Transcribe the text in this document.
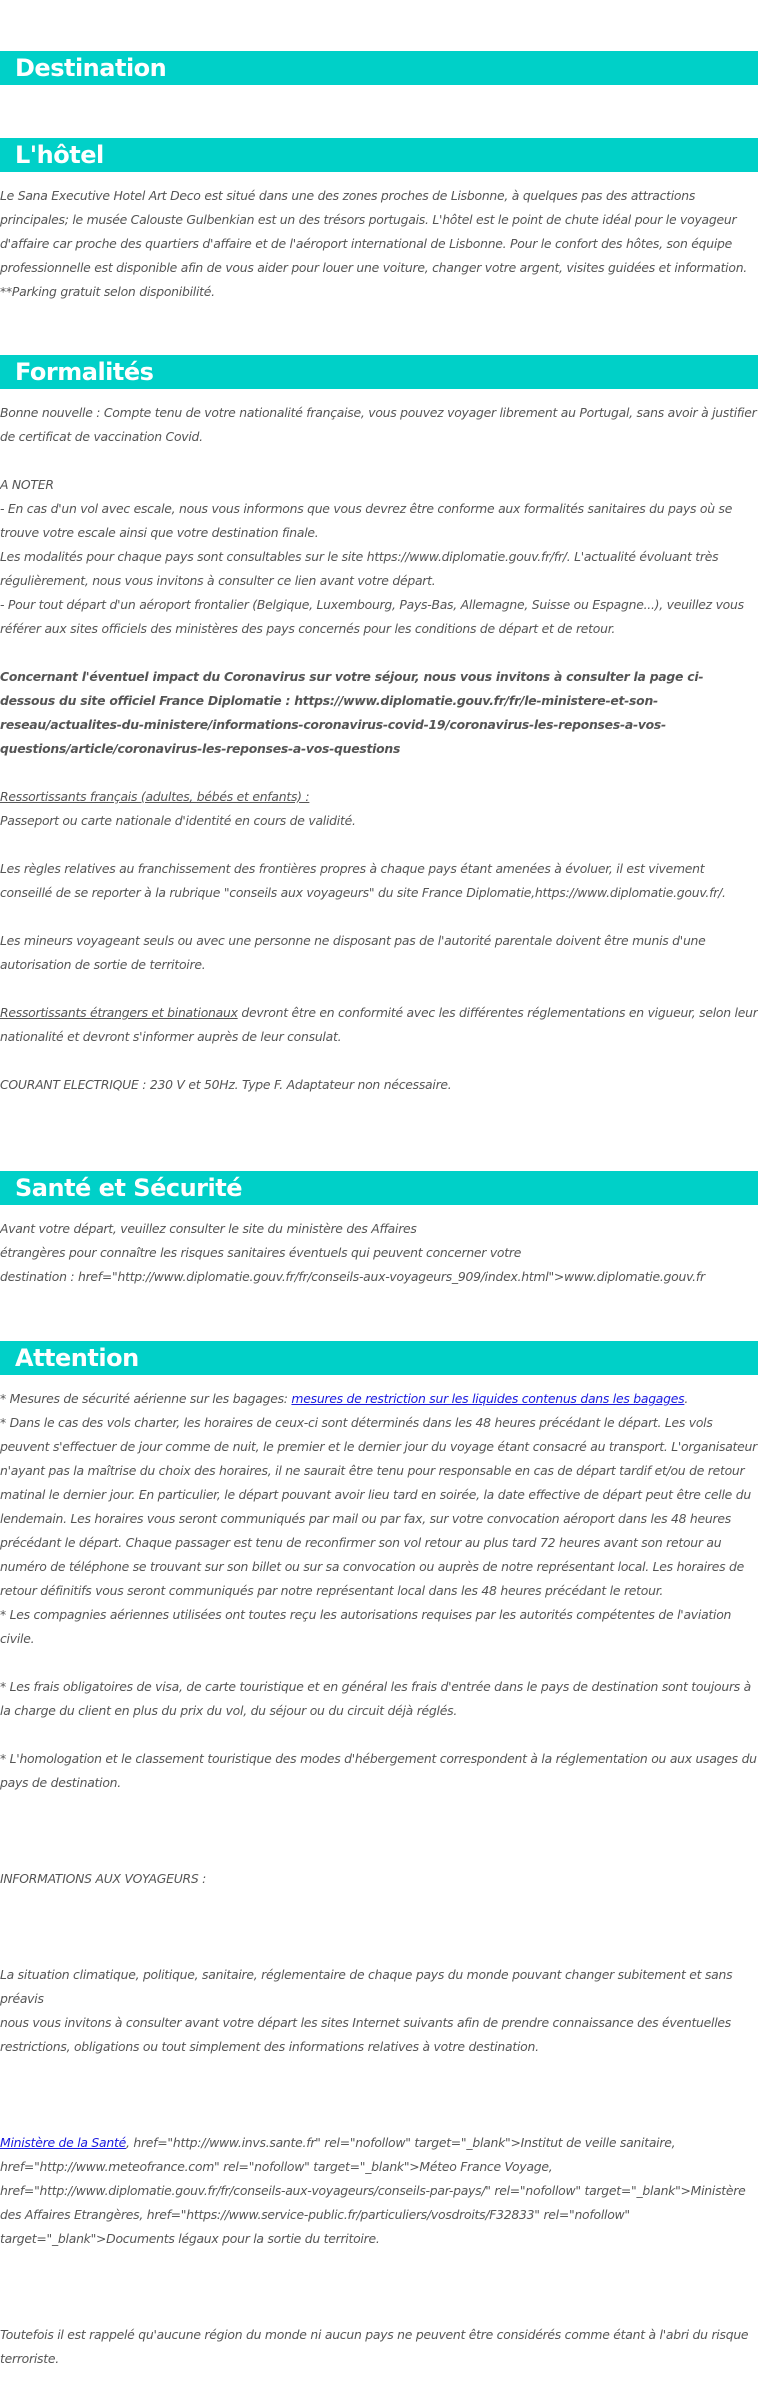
Destination
L'hôtel

Le Sana Executive Hotel Art Deco est situé dans une des zones proches de Lisbonne, à quelques pas des attractions principales; le musée Calouste Gulbenkian est un des trésors portugais. L'hôtel est le point de chute idéal pour le voyageur d'affaire car proche des quartiers d'affaire et de l'aéroport international de Lisbonne. Pour le confort des hôtes, son équipe professionnelle est disponible afin de vous aider pour louer une voiture, changer votre argent, visites guidées et information. **Parking gratuit selon disponibilité.

Formalités

Bonne nouvelle : Compte tenu de votre nationalité française, vous pouvez voyager librement au Portugal, sans avoir à justifier de certificat de vaccination Covid.

A NOTER

- En cas d'un vol avec escale, nous vous informons que vous devrez être conforme aux formalités sanitaires du pays où se trouve votre escale ainsi que votre destination finale.

Les modalités pour chaque pays sont consultables sur le site https://www.diplomatie.gouv.fr/fr/. L'actualité évoluant très régulièrement, nous vous invitons à consulter ce lien avant votre départ.

- Pour tout départ d'un aéroport frontalier (Belgique, Luxembourg, Pays-Bas, Allemagne, Suisse ou Espagne...), veuillez vous référer aux sites officiels des ministères des pays concernés pour les conditions de départ et de retour.

Concernant l'éventuel impact du Coronavirus sur votre séjour, nous vous invitons à consulter la page ci-dessous du site officiel France Diplomatie : https://www.diplomatie.gouv.fr/fr/le-ministere-et-son-reseau/actualites-du-ministere/informations-coronavirus-covid-19/coronavirus-les-reponses-a-vos-questions/article/coronavirus-les-reponses-a-vos-questions

Ressortissants français (adultes, bébés et enfants) :

Passeport ou carte nationale d'identité en cours de validité.

Les règles relatives au franchissement des frontières propres à chaque pays étant amenées à évoluer, il est vivement conseillé de se reporter à la rubrique "conseils aux voyageurs" du site France Diplomatie,https://www.diplomatie.gouv.fr/.

Les mineurs voyageant seuls ou avec une personne ne disposant pas de l'autorité parentale doivent être munis d'une autorisation de sortie de territoire.

Ressortissants étrangers et binationaux devront être en conformité avec les différentes réglementations en vigueur, selon leur nationalité et devront s'informer auprès de leur consulat.

COURANT ELECTRIQUE : 230 V et 50Hz. Type F. Adaptateur non nécessaire.

Santé et Sécurité

Avant votre départ, veuillez consulter le site du ministère des Affaires

étrangères pour connaître les risques sanitaires éventuels qui peuvent concerner votre

destination : href="http://www.diplomatie.gouv.fr/fr/conseils-aux-voyageurs_909/index.html">www.diplomatie.gouv.fr

Attention

* Mesures de sécurité aérienne sur les bagages: mesures de restriction sur les liquides contenus dans les bagages.

* Dans le cas des vols charter, les horaires de ceux-ci sont déterminés dans les 48 heures précédant le départ. Les vols peuvent s'effectuer de jour comme de nuit, le premier et le dernier jour du voyage étant consacré au transport. L'organisateur n'ayant pas la maîtrise du choix des horaires, il ne saurait être tenu pour responsable en cas de départ tardif et/ou de retour matinal le dernier jour. En particulier, le départ pouvant avoir lieu tard en soirée, la date effective de départ peut être celle du lendemain. Les horaires vous seront communiqués par mail ou par fax, sur votre convocation aéroport dans les 48 heures précédant le départ. Chaque passager est tenu de reconfirmer son vol retour au plus tard 72 heures avant son retour au numéro de téléphone se trouvant sur son billet ou sur sa convocation ou auprès de notre représentant local. Les horaires de retour définitifs vous seront communiqués par notre représentant local dans les 48 heures précédant le retour.

* Les compagnies aériennes utilisées ont toutes reçu les autorisations requises par les autorités compétentes de l'aviation civile.

* Les frais obligatoires de visa, de carte touristique et en général les frais d'entrée dans le pays de destination sont toujours à la charge du client en plus du prix du vol, du séjour ou du circuit déjà réglés.

* L'homologation et le classement touristique des modes d'hébergement correspondent à la réglementation ou aux usages du pays de destination.

INFORMATIONS AUX VOYAGEURS :

La situation climatique, politique, sanitaire, réglementaire de chaque pays du monde pouvant changer subitement et sans préavis

nous vous invitons à consulter avant votre départ les sites Internet suivants afin de prendre connaissance des éventuelles restrictions, obligations ou tout simplement des informations relatives à votre destination.

Ministère de la Santé, href="http://www.invs.sante.fr" rel="nofollow" target="_blank">Institut de veille sanitaire, href="http://www.meteofrance.com" rel="nofollow" target="_blank">Méteo France Voyage, href="http://www.diplomatie.gouv.fr/fr/conseils-aux-voyageurs/conseils-par-pays/" rel="nofollow" target="_blank">Ministère des Affaires Etrangères, href="https://www.service-public.fr/particuliers/vosdroits/F32833" rel="nofollow" target="_blank">Documents légaux pour la sortie du territoire.

Toutefois il est rappelé qu'aucune région du monde ni aucun pays ne peuvent être considérés comme étant à l'abri du risque terroriste.
